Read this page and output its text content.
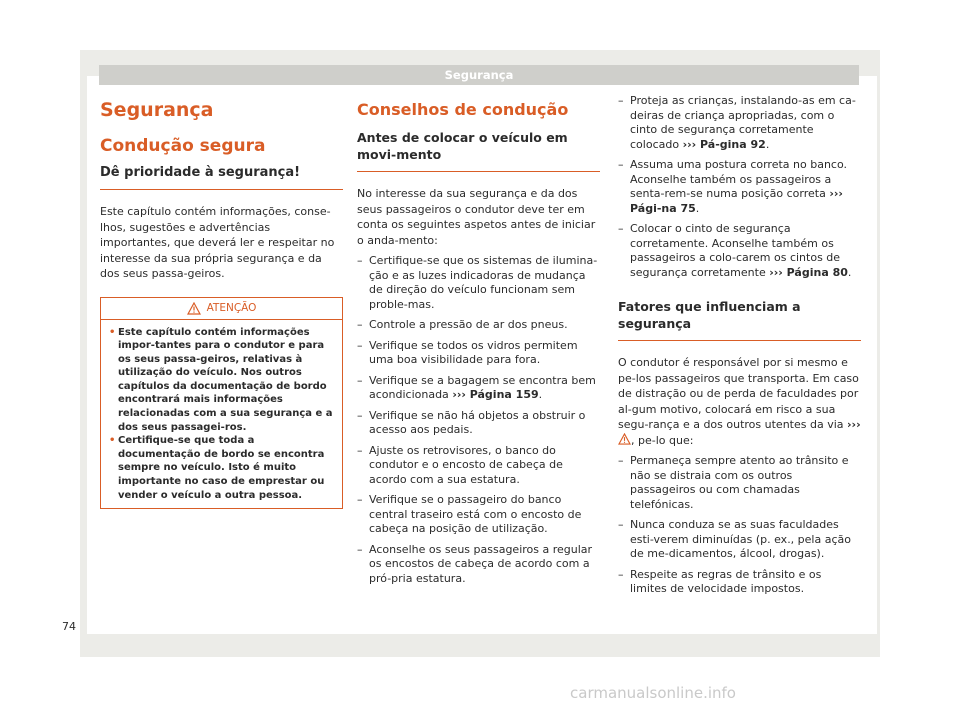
Segurança
Segurança
Condução segura
Dê prioridade à segurança!

Este capítulo contém informações, conse-lhos, sugestões e advertências importantes, que deverá ler e respeitar no interesse da sua própria segurança e da dos seus passa-geiros.

ATENÇÃO
• Este capítulo contém informações impor-tantes para o condutor e para os seus passa-geiros, relativas à utilização do veículo. Nos outros capítulos da documentação de bordo encontrará mais informações relacionadas com a sua segurança e a dos seus passagei-ros.
• Certifique-se que toda a documentação de bordo se encontra sempre no veículo. Isto é muito importante no caso de emprestar ou vender o veículo a outra pessoa.
Conselhos de condução
Antes de colocar o veículo em movi-mento

No interesse da sua segurança e da dos seus passageiros o condutor deve ter em conta os seguintes aspetos antes de iniciar o anda-mento:

– Certifique-se que os sistemas de ilumina-ção e as luzes indicadoras de mudança de direção do veículo funcionam sem proble-mas.
– Controle a pressão de ar dos pneus.
– Verifique se todos os vidros permitem uma boa visibilidade para fora.
– Verifique se a bagagem se encontra bem acondicionada ››› Página 159.
– Verifique se não há objetos a obstruir o acesso aos pedais.
– Ajuste os retrovisores, o banco do condutor e o encosto de cabeça de acordo com a sua estatura.
– Verifique se o passageiro do banco central traseiro está com o encosto de cabeça na posição de utilização.
– Aconselhe os seus passageiros a regular os encostos de cabeça de acordo com a pró-pria estatura.
– Proteja as crianças, instalando-as em ca-deiras de criança apropriadas, com o cinto de segurança corretamente colocado ››› Pá-gina 92.
– Assuma uma postura correta no banco. Aconselhe também os passageiros a senta-rem-se numa posição correta ››› Pági-na 75.
– Colocar o cinto de segurança corretamente. Aconselhe também os passageiros a colo-carem os cintos de segurança corretamente ››› Página 80.
Fatores que influenciam a segurança

O condutor é responsável por si mesmo e pe-los passageiros que transporta. Em caso de distração ou de perda de faculdades por al-gum motivo, colocará em risco a sua segu-rança e a dos outros utentes da via ››› , pe-lo que:

– Permaneça sempre atento ao trânsito e não se distraia com os outros passageiros ou com chamadas telefónicas.
– Nunca conduza se as suas faculdades esti-verem diminuídas (p. ex., pela ação de me-dicamentos, álcool, drogas).
– Respeite as regras de trânsito e os limites de velocidade impostos.
74
carmanualsonline.info
